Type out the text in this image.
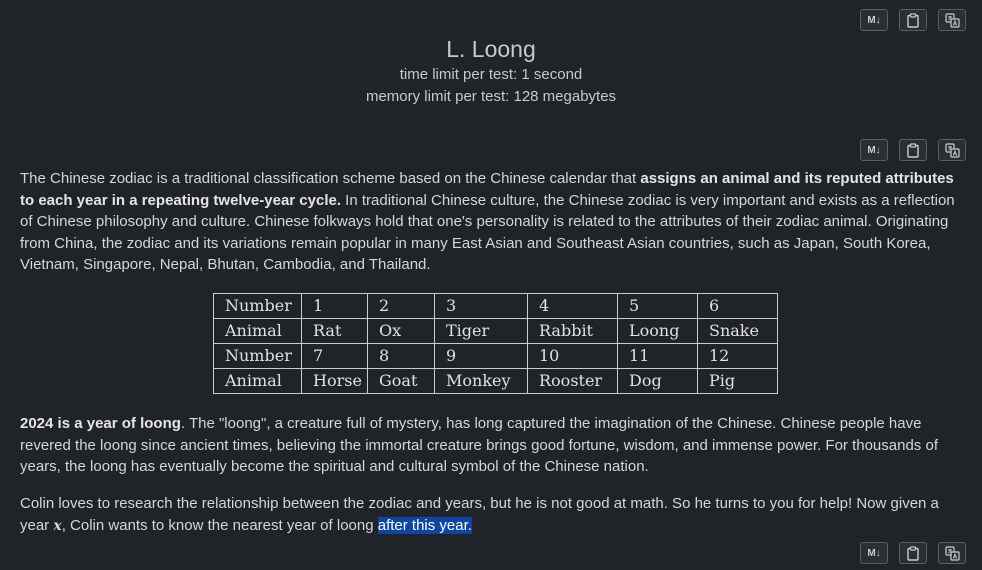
M↓
L. Loong
time limit per test: 1 second
memory limit per test: 128 megabytes
M↓

The Chinese zodiac is a traditional classification scheme based on the Chinese calendar that assigns an animal and its reputed attributes to each year in a repeating twelve-year cycle. In traditional Chinese culture, the Chinese zodiac is very important and exists as a reflection of Chinese philosophy and culture. Chinese folkways hold that one's personality is related to the attributes of their zodiac animal. Originating from China, the zodiac and its variations remain popular in many East Asian and Southeast Asian countries, such as Japan, South Korea, Vietnam, Singapore, Nepal, Bhutan, Cambodia, and Thailand.

Number	1	2	3	4	5	6
Animal	Rat	Ox	Tiger	Rabbit	Loong	Snake
Number	7	8	9	10	11	12
Animal	Horse	Goat	Monkey	Rooster	Dog	Pig

2024 is a year of loong. The "loong", a creature full of mystery, has long captured the imagination of the Chinese. Chinese people have revered the loong since ancient times, believing the immortal creature brings good fortune, wisdom, and immense power. For thousands of years, the loong has eventually become the spiritual and cultural symbol of the Chinese nation.

Colin loves to research the relationship between the zodiac and years, but he is not good at math. So he turns to you for help! Now given a year x, Colin wants to know the nearest year of loong after this year.

M↓
